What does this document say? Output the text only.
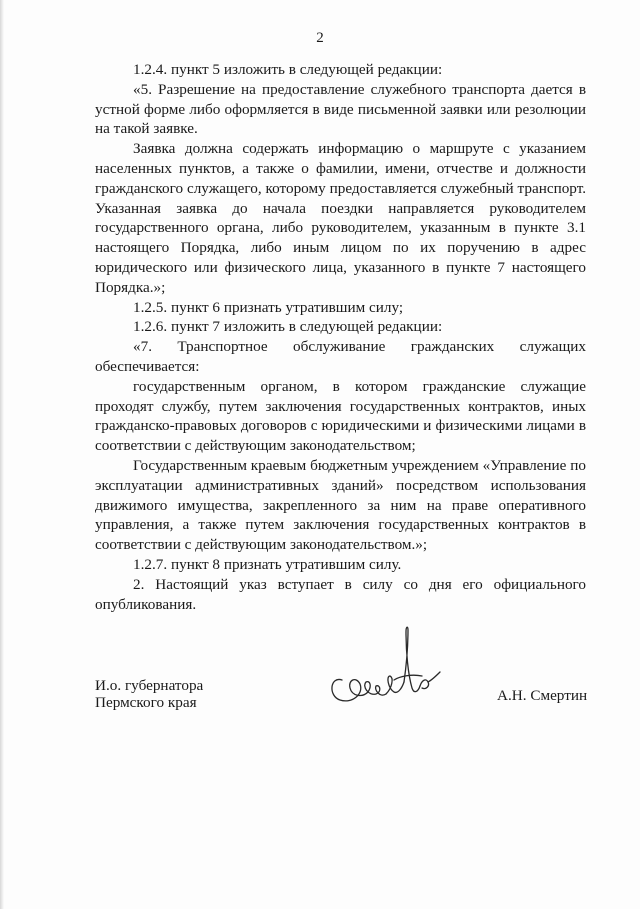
2

1.2.4. пункт 5 изложить в следующей редакции:

«5. Разрешение на предоставление служебного транспорта дается в устной форме либо оформляется в виде письменной заявки или резолюции на такой заявке.

Заявка должна содержать информацию о маршруте с указанием населенных пунктов, а также о фамилии, имени, отчестве и должности гражданского служащего, которому предоставляется служебный транспорт. Указанная заявка до начала поездки направляется руководителем государственного органа, либо руководителем, указанным в пункте 3.1 настоящего Порядка, либо иным лицом по их поручению в адрес юридического или физического лица, указанного в пункте 7 настоящего Порядка.»;

1.2.5. пункт 6 признать утратившим силу;

1.2.6. пункт 7 изложить в следующей редакции:

«7. Транспортное обслуживание гражданских служащих обеспечивается:

государственным органом, в котором гражданские служащие проходят службу, путем заключения государственных контрактов, иных гражданско-правовых договоров с юридическими и физическими лицами в соответствии с действующим законодательством;

Государственным краевым бюджетным учреждением «Управление по эксплуатации административных зданий» посредством использования движимого имущества, закрепленного за ним на праве оперативного управления, а также путем заключения государственных контрактов в соответствии с действующим законодательством.»;

1.2.7. пункт 8 признать утратившим силу.

2. Настоящий указ вступает в силу со дня его официального опубликования.

И.о. губернатора
Пермского края	А.Н. Смертин
